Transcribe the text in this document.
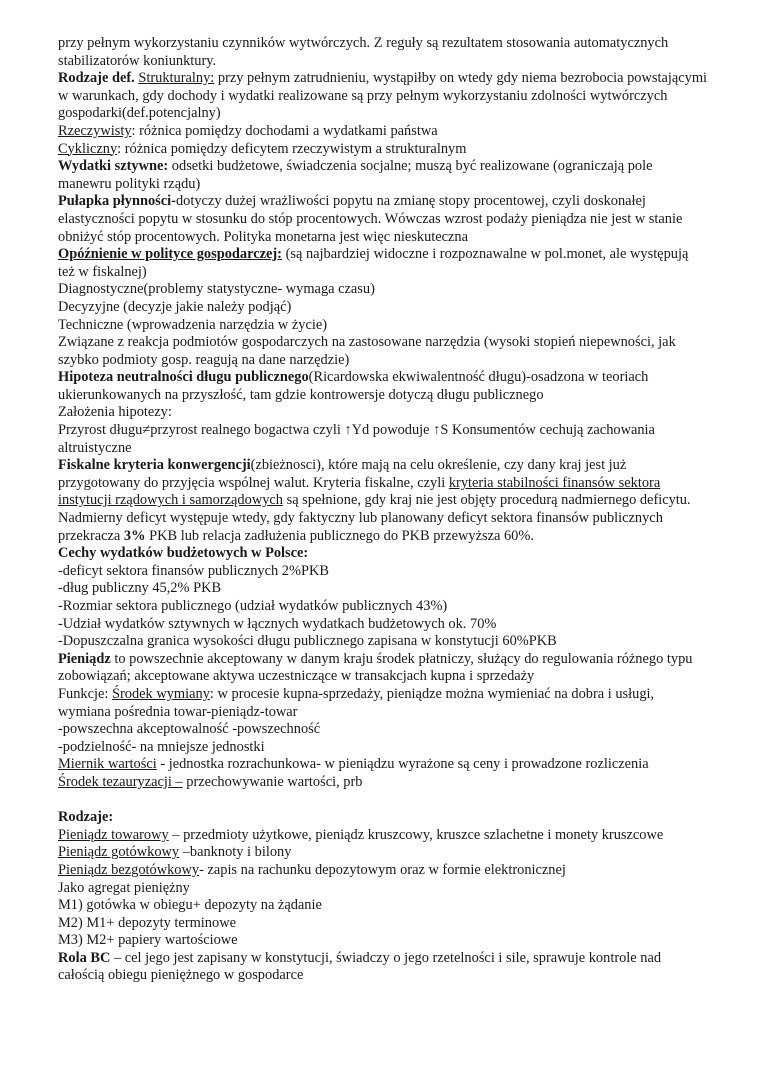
przy pełnym wykorzystaniu czynników wytwórczych. Z reguły są rezultatem stosowania automatycznych stabilizatorów koniunktury.

Rodzaje def. Strukturalny: przy pełnym zatrudnieniu, wystąpiłby on wtedy gdy niema bezrobocia powstającymi w warunkach, gdy dochody i wydatki realizowane są przy pełnym wykorzystaniu zdolności wytwórczych gospodarki(def.potencjalny)

Rzeczywisty: różnica pomiędzy dochodami a wydatkami państwa

Cykliczny: różnica pomiędzy deficytem rzeczywistym a strukturalnym

Wydatki sztywne: odsetki budżetowe, świadczenia socjalne; muszą być realizowane (ograniczają pole manewru polityki rządu)

Pułapka płynności-dotyczy dużej wrażliwości popytu na zmianę stopy procentowej, czyli doskonałej elastyczności popytu w stosunku do stóp procentowych. Wówczas wzrost podaży pieniądza nie jest w stanie obniżyć stóp procentowych. Polityka monetarna jest więc nieskuteczna

Opóźnienie w polityce gospodarczej: (są najbardziej widoczne i rozpoznawalne w pol.monet, ale występują też w fiskalnej)

Diagnostyczne(problemy statystyczne- wymaga czasu)

Decyzyjne (decyzje jakie należy podjąć)

Techniczne (wprowadzenia narzędzia w życie)

Związane z reakcja podmiotów gospodarczych na zastosowane narzędzia (wysoki stopień niepewności, jak szybko podmioty gosp. reagują na dane narzędzie)

Hipoteza neutralności długu publicznego(Ricardowska ekwiwalentność długu)-osadzona w teoriach ukierunkowanych na przyszłość, tam gdzie kontrowersje dotyczą długu publicznego

Założenia hipotezy:

Przyrost długu≠przyrost realnego bogactwa czyli ↑Yd powoduje ↑S Konsumentów cechują zachowania altruistyczne

Fiskalne kryteria konwergencji(zbieżnosci), które mają na celu określenie, czy dany kraj jest już przygotowany do przyjęcia wspólnej walut. Kryteria fiskalne, czyli kryteria stabilności finansów sektora instytucji rządowych i samorządowych są spełnione, gdy kraj nie jest objęty procedurą nadmiernego deficytu. Nadmierny deficyt występuje wtedy, gdy faktyczny lub planowany deficyt sektora finansów publicznych przekracza 3% PKB lub relacja zadłużenia publicznego do PKB przewyższa 60%.

Cechy wydatków budżetowych w Polsce:

-deficyt sektora finansów publicznych 2%PKB

-dług publiczny 45,2% PKB

-Rozmiar sektora publicznego (udział wydatków publicznych 43%)

-Udział wydatków sztywnych w łącznych wydatkach budżetowych ok. 70%

-Dopuszczalna granica wysokości długu publicznego zapisana w konstytucji 60%PKB

Pieniądz to powszechnie akceptowany w danym kraju środek płatniczy, służący do regulowania różnego typu zobowiązań; akceptowane aktywa uczestniczące w transakcjach kupna i sprzedaży

Funkcje: Środek wymiany: w procesie kupna-sprzedaży, pieniądze można wymieniać na dobra i usługi, wymiana pośrednia towar-pieniądz-towar

-powszechna akceptowalność -powszechność

-podzielność- na mniejsze jednostki

Miernik wartości - jednostka rozrachunkowa- w pieniądzu wyrażone są ceny i prowadzone rozliczenia

Środek tezauryzacji – przechowywanie wartości, prb

Rodzaje:

Pieniądz towarowy – przedmioty użytkowe, pieniądz kruszcowy, kruszce szlachetne i monety kruszcowe

Pieniądz gotówkowy –banknoty i bilony

Pieniądz bezgotówkowy- zapis na rachunku depozytowym oraz w formie elektronicznej

Jako agregat pieniężny

M1) gotówka w obiegu+ depozyty na żądanie

M2) M1+ depozyty terminowe

M3) M2+ papiery wartościowe

Rola BC – cel jego jest zapisany w konstytucji, świadczy o jego rzetelności i sile, sprawuje kontrole nad całością obiegu pieniężnego w gospodarce
